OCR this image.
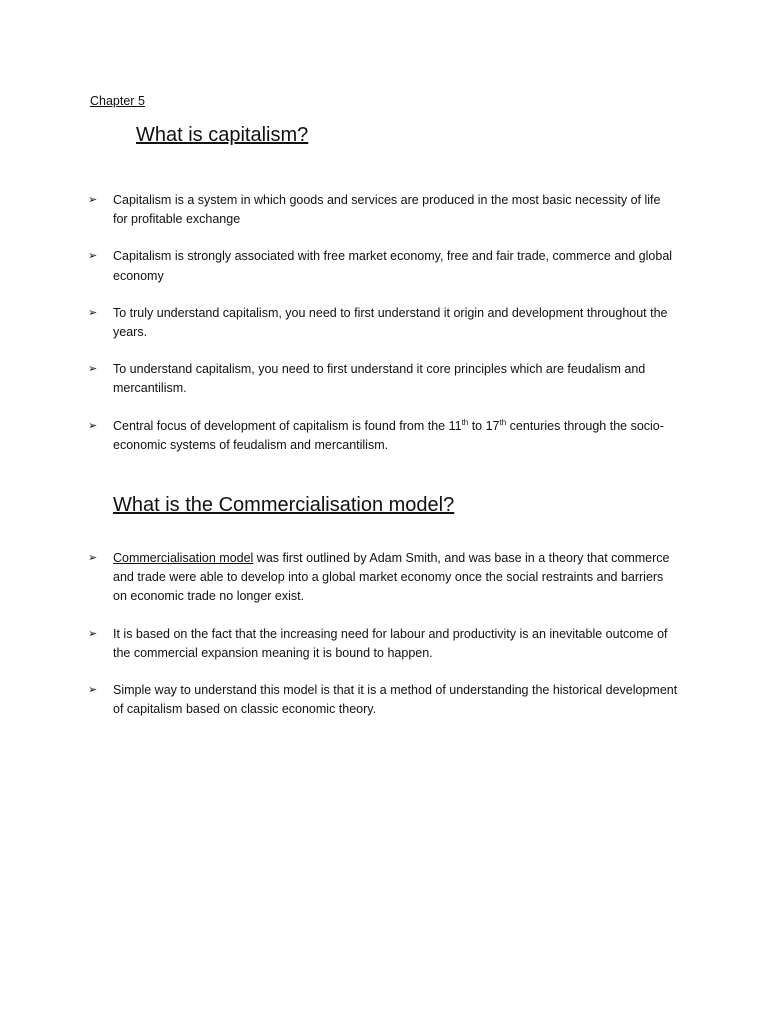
Chapter 5
What is capitalism?
➢ Capitalism is a system in which goods and services are produced in the most basic necessity of life for profitable exchange
➢ Capitalism is strongly associated with free market economy, free and fair trade, commerce and global economy
➢ To truly understand capitalism, you need to first understand it origin and development throughout the years.
➢ To understand capitalism, you need to first understand it core principles which are feudalism and mercantilism.
➢ Central focus of development of capitalism is found from the 11th to 17th centuries through the socio- economic systems of feudalism and mercantilism.
What is the Commercialisation model?
➢ Commercialisation model was first outlined by Adam Smith, and was base in a theory that commerce and trade were able to develop into a global market economy once the social restraints and barriers on economic trade no longer exist.
➢ It is based on the fact that the increasing need for labour and productivity is an inevitable outcome of the commercial expansion meaning it is bound to happen.
➢ Simple way to understand this model is that it is a method of understanding the historical development of capitalism based on classic economic theory.
